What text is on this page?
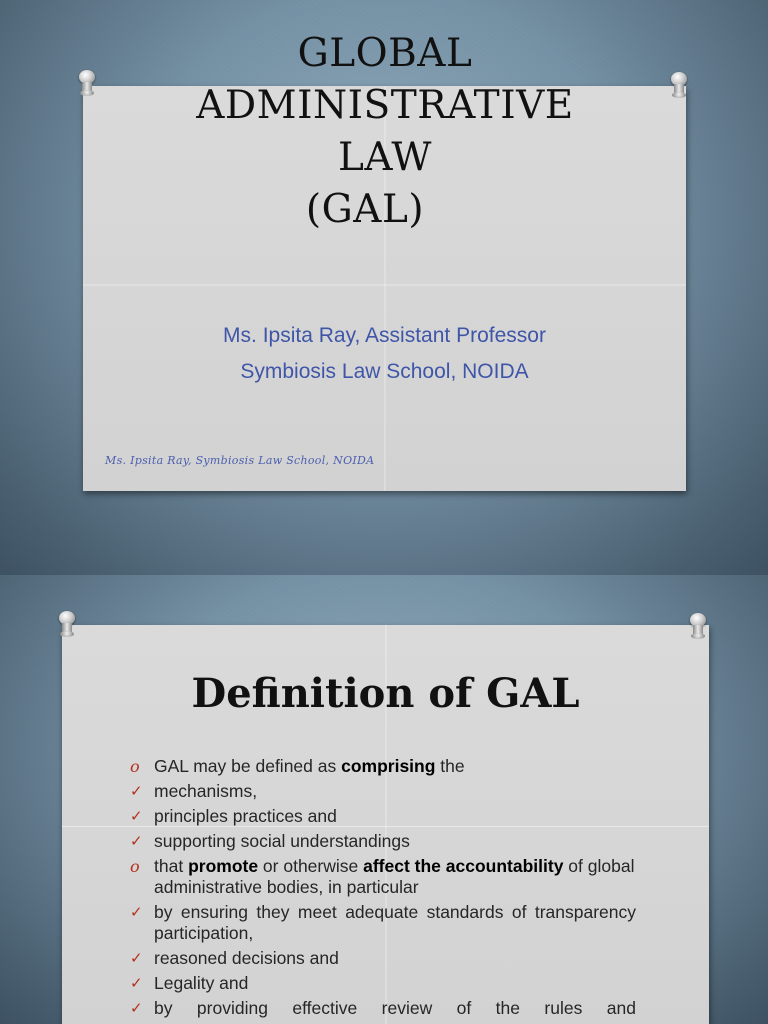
GLOBAL
ADMINISTRATIVE
LAW
(GAL)
Ms. Ipsita Ray, Assistant Professor
Symbiosis Law School, NOIDA
Ms. Ipsita Ray, Symbiosis Law School, NOIDA
Definition of GAL
o GAL may be defined as comprising the
✓ mechanisms,
✓ principles practices and
✓ supporting social understandings
o that promote or otherwise affect the accountability of global administrative bodies, in particular
✓ by ensuring they meet adequate standards of transparency participation,
✓ reasoned decisions and
✓ Legality and
✓ by providing effective review of the rules and
